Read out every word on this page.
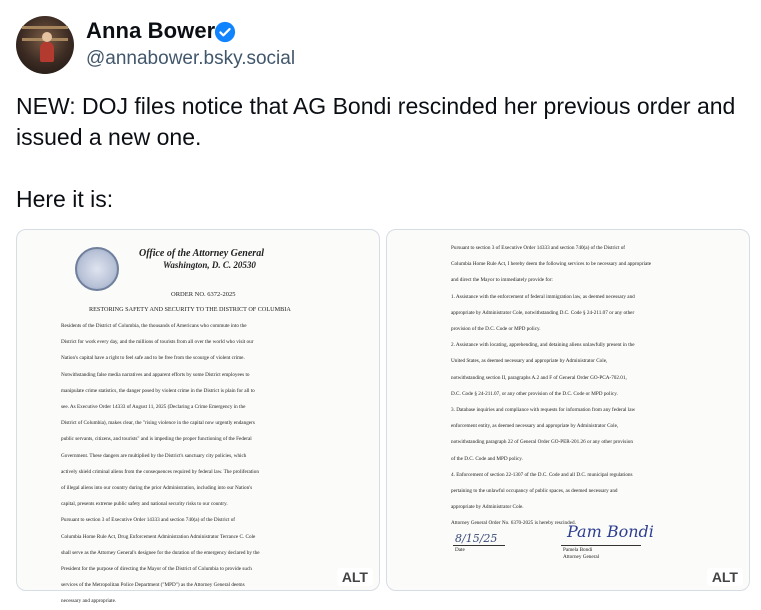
Anna Bower
@annabower.bsky.social

NEW: DOJ files notice that AG Bondi rescinded her previous order and issued a new one.

Here it is:

Office of the Attorney General
Washington, D. C. 20530
ORDER NO. 6372-2025
RESTORING SAFETY AND SECURITY TO THE DISTRICT OF COLUMBIA

Residents of the District of Columbia, the thousands of Americans who commute into the

District for work every day, and the millions of tourists from all over the world who visit our

Nation's capital have a right to feel safe and to be free from the scourge of violent crime.

Notwithstanding false media narratives and apparent efforts by some District employees to

manipulate crime statistics, the danger posed by violent crime in the District is plain for all to

see. As Executive Order 14333 of August 11, 2025 (Declaring a Crime Emergency in the

District of Columbia), makes clear, the "rising violence in the capital now urgently endangers

public servants, citizens, and tourists" and is impeding the proper functioning of the Federal

Government. These dangers are multiplied by the District's sanctuary city policies, which

actively shield criminal aliens from the consequences required by federal law. The proliferation

of illegal aliens into our country during the prior Administration, including into our Nation's

capital, presents extreme public safety and national security risks to our country.

Pursuant to section 3 of Executive Order 14333 and section 740(a) of the District of

Columbia Home Rule Act, Drug Enforcement Administration Administrator Terrance C. Cole

shall serve as the Attorney General's designee for the duration of the emergency declared by the

President for the purpose of directing the Mayor of the District of Columbia to provide such

services of the Metropolitan Police Department ("MPD") as the Attorney General deems

necessary and appropriate.

ALT

Pursuant to section 3 of Executive Order 14333 and section 740(a) of the District of

Columbia Home Rule Act, I hereby deem the following services to be necessary and appropriate

and direct the Mayor to immediately provide for:

1. Assistance with the enforcement of federal immigration law, as deemed necessary and

appropriate by Administrator Cole, notwithstanding D.C. Code § 24-211.07 or any other

provision of the D.C. Code or MPD policy.

2. Assistance with locating, apprehending, and detaining aliens unlawfully present in the

United States, as deemed necessary and appropriate by Administrator Cole,

notwithstanding section II, paragraphs A.2 and F of General Order GO-PCA-702.01,

D.C. Code § 24-211.07, or any other provision of the D.C. Code or MPD policy.

3. Database inquiries and compliance with requests for information from any federal law

enforcement entity, as deemed necessary and appropriate by Administrator Cole,

notwithstanding paragraph 22 of General Order GO-PER-201.26 or any other provision

of the D.C. Code and MPD policy.

4. Enforcement of section 22-1307 of the D.C. Code and all D.C. municipal regulations

pertaining to the unlawful occupancy of public spaces, as deemed necessary and

appropriate by Administrator Cole.

Attorney General Order No. 6370-2025 is hereby rescinded.

8/15/25
Date
Pam Bondi
Pamela Bondi
Attorney General
ALT
